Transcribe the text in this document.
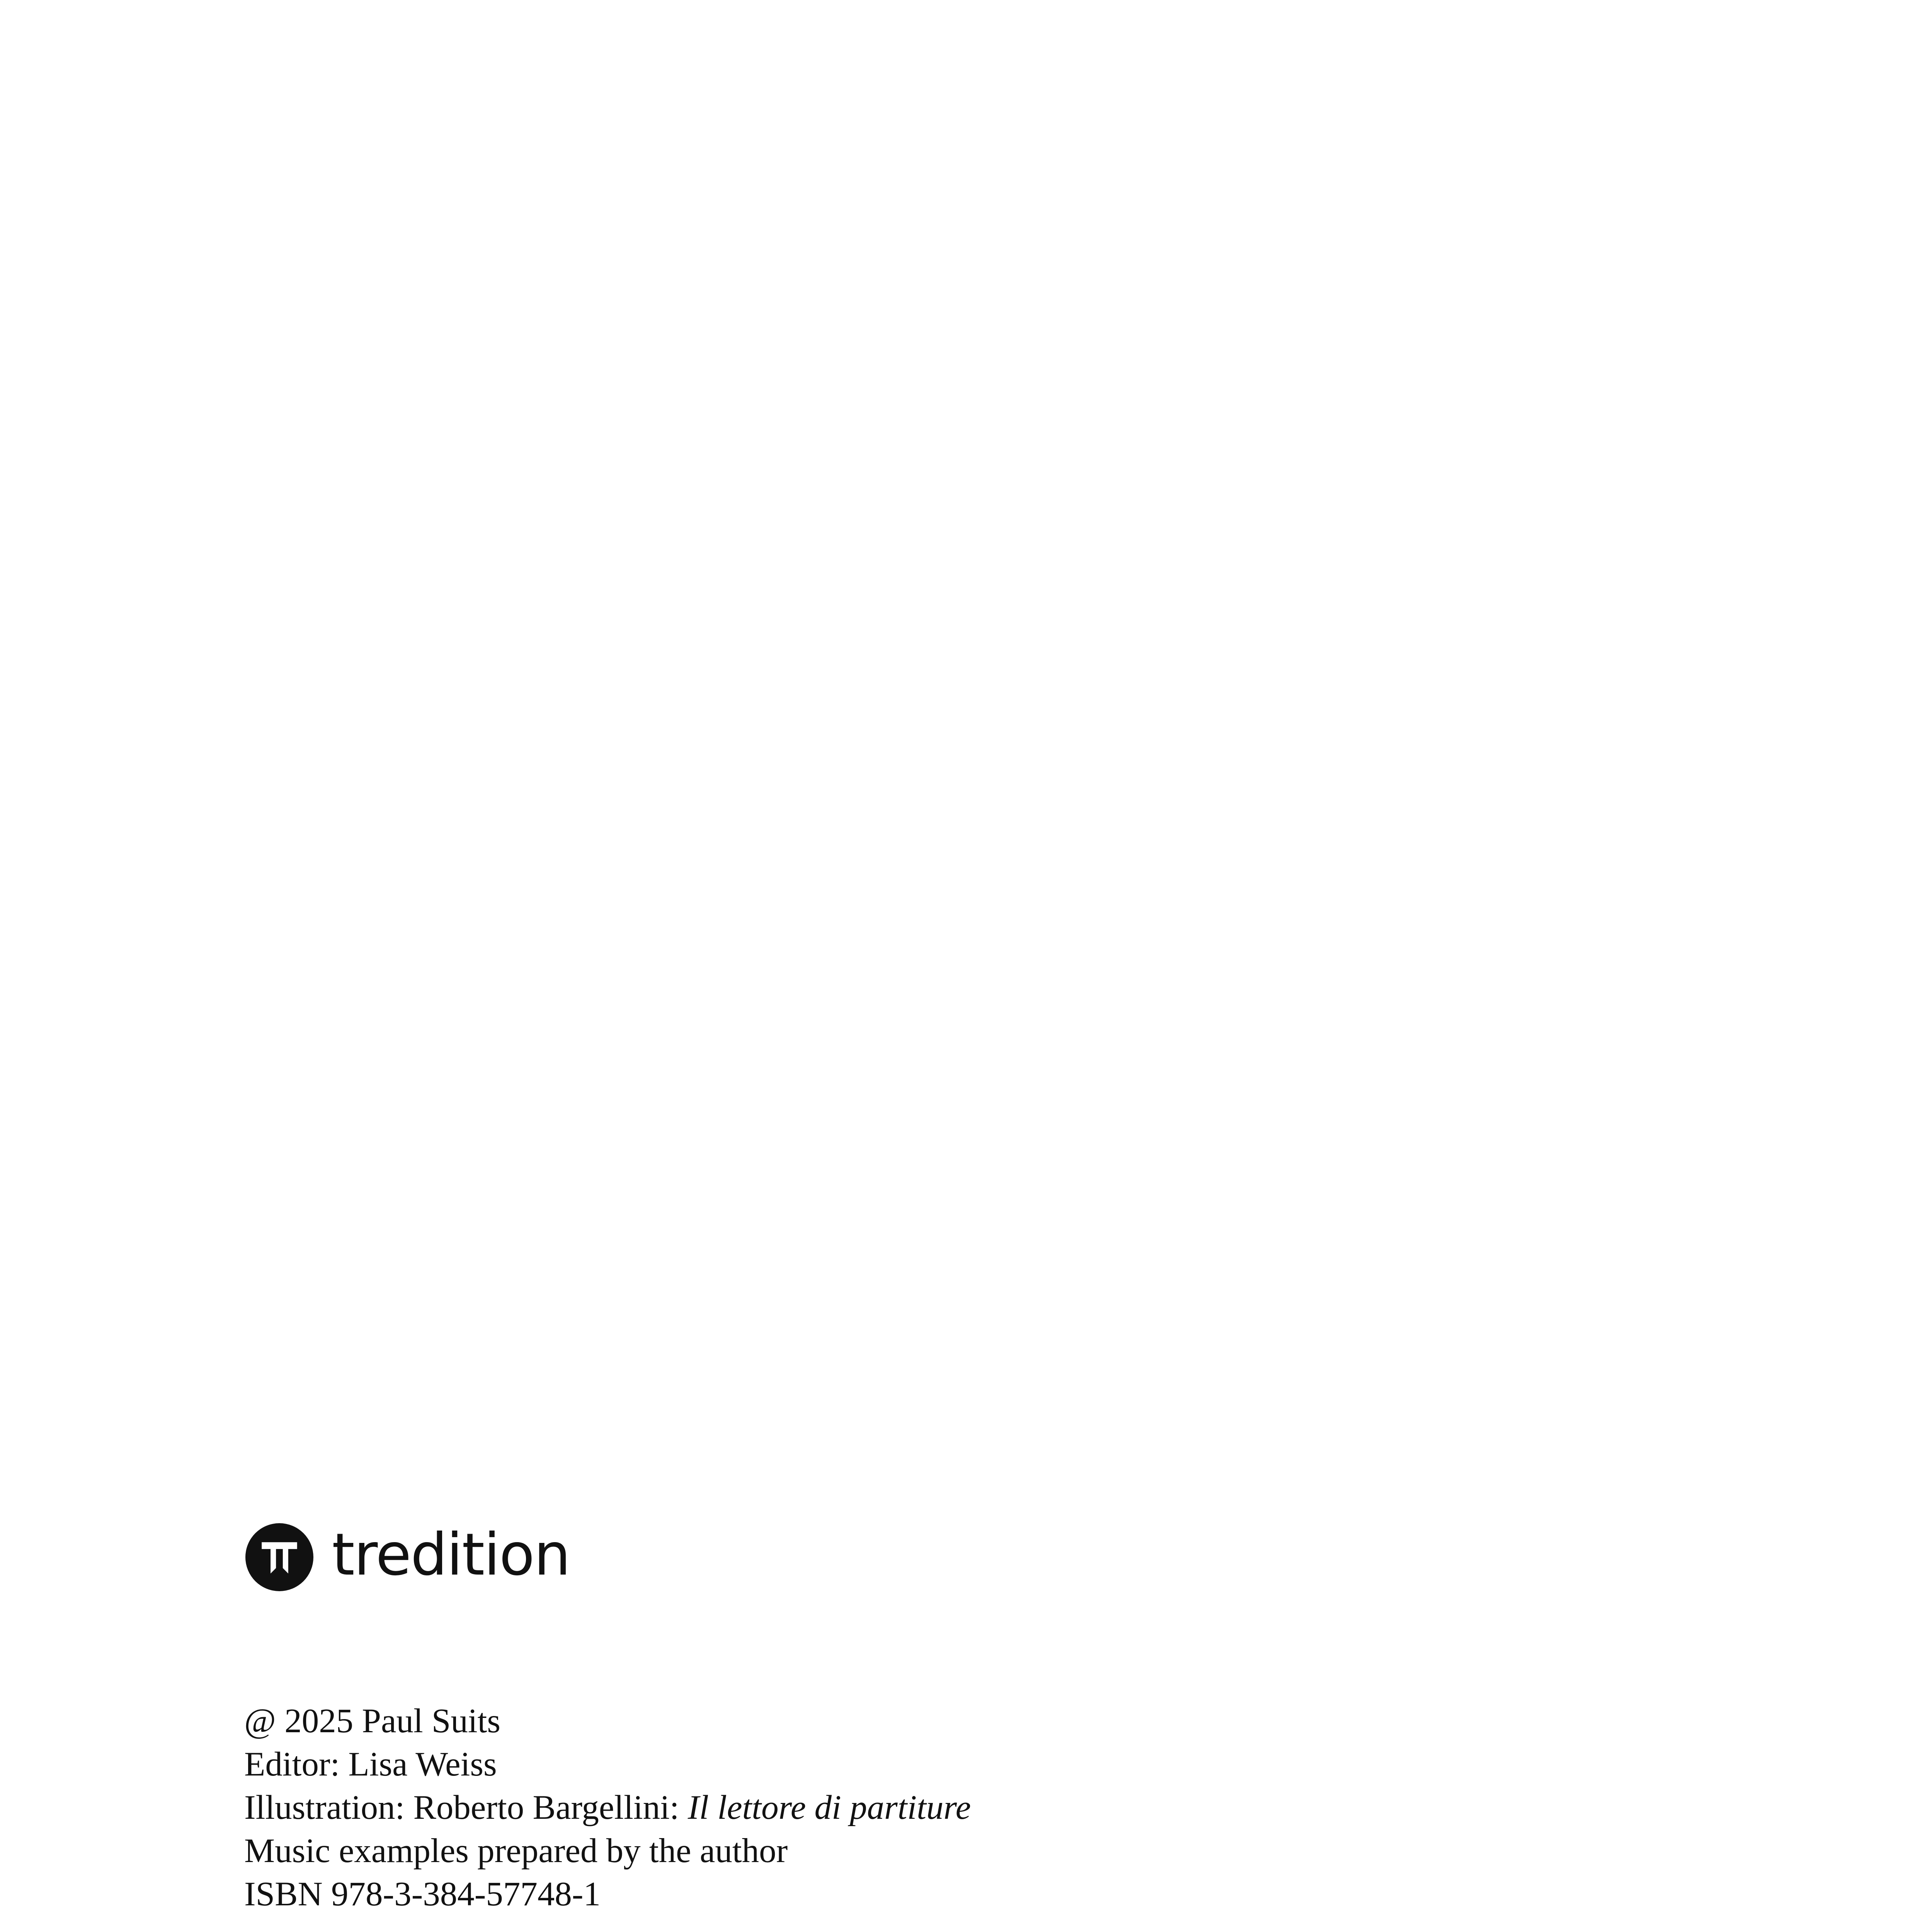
tredition
@ 2025 Paul Suits
Editor: Lisa Weiss
Illustration: Roberto Bargellini: Il lettore di partiture
Music examples prepared by the author
ISBN 978-3-384-57748-1
